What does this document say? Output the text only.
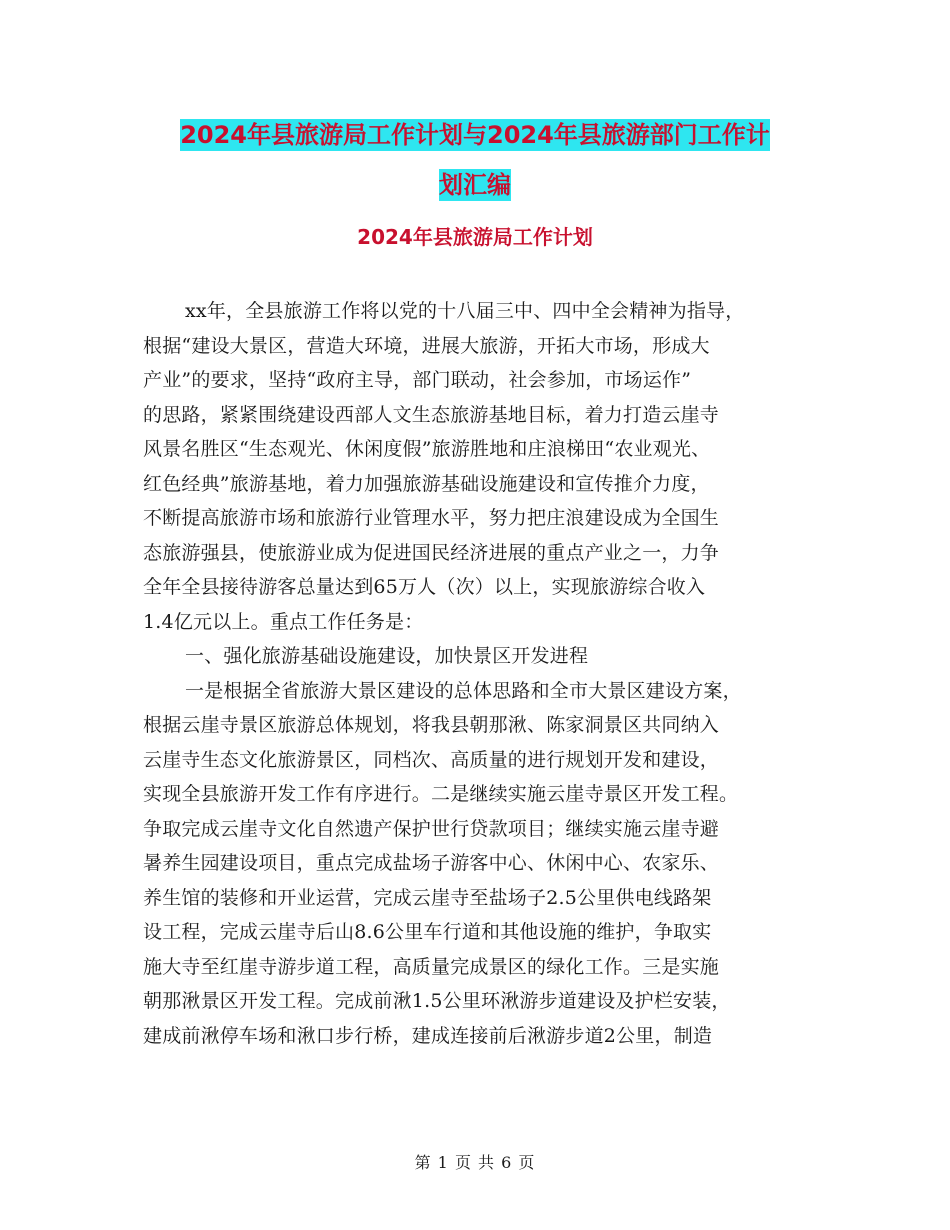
2024年县旅游局工作计划与2024年县旅游部门工作计
划汇编
2024年县旅游局工作计划
xx年，全县旅游工作将以党的十八届三中、四中全会精神为指导，
根据“建设大景区，营造大环境，进展大旅游，开拓大市场，形成大
产业”的要求，坚持“政府主导，部门联动，社会参加，市场运作”
的思路，紧紧围绕建设西部人文生态旅游基地目标，着力打造云崖寺
风景名胜区“生态观光、休闲度假”旅游胜地和庄浪梯田“农业观光、
红色经典”旅游基地，着力加强旅游基础设施建设和宣传推介力度，
不断提高旅游市场和旅游行业管理水平，努力把庄浪建设成为全国生
态旅游强县，使旅游业成为促进国民经济进展的重点产业之一，力争
全年全县接待游客总量达到65万人（次）以上，实现旅游综合收入
1.4亿元以上。重点工作任务是：
一、强化旅游基础设施建设，加快景区开发进程
一是根据全省旅游大景区建设的总体思路和全市大景区建设方案，
根据云崖寺景区旅游总体规划，将我县朝那湫、陈家洞景区共同纳入
云崖寺生态文化旅游景区，同档次、高质量的进行规划开发和建设，
实现全县旅游开发工作有序进行。二是继续实施云崖寺景区开发工程。
争取完成云崖寺文化自然遗产保护世行贷款项目；继续实施云崖寺避
暑养生园建设项目，重点完成盐场子游客中心、休闲中心、农家乐、
养生馆的装修和开业运营，完成云崖寺至盐场子2.5公里供电线路架
设工程，完成云崖寺后山8.6公里车行道和其他设施的维护，争取实
施大寺至红崖寺游步道工程，高质量完成景区的绿化工作。三是实施
朝那湫景区开发工程。完成前湫1.5公里环湫游步道建设及护栏安装，
建成前湫停车场和湫口步行桥，建成连接前后湫游步道2公里，制造
第 1 页 共 6 页
